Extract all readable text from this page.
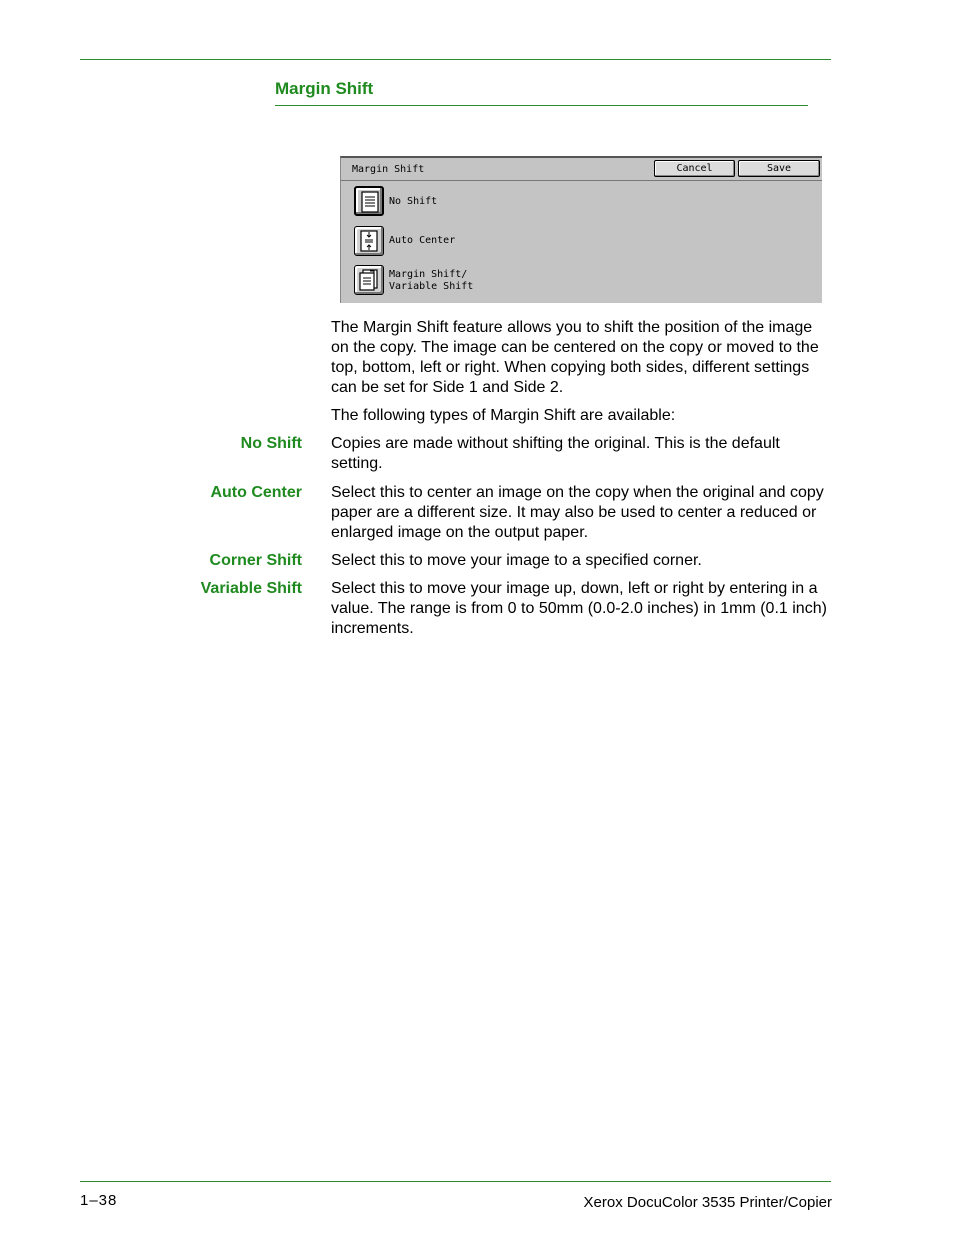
Margin Shift
Margin Shift	Cancel	Save
No Shift
Auto Center
Margin Shift/
Variable Shift
The Margin Shift feature allows you to shift the position of the image on the copy. The image can be centered on the copy or moved to the top, bottom, left or right. When copying both sides, different settings can be set for Side 1 and Side 2.
The following types of Margin Shift are available:
No Shift Copies are made without shifting the original. This is the default setting.
Auto Center Select this to center an image on the copy when the original and copy paper are a different size. It may also be used to center a reduced or enlarged image on the output paper.
Corner Shift Select this to move your image to a specified corner.
Variable Shift Select this to move your image up, down, left or right by entering in a value. The range is from 0 to 50mm (0.0-2.0 inches) in 1mm (0.1 inch) increments.
1–38	Xerox DocuColor 3535 Printer/Copier
